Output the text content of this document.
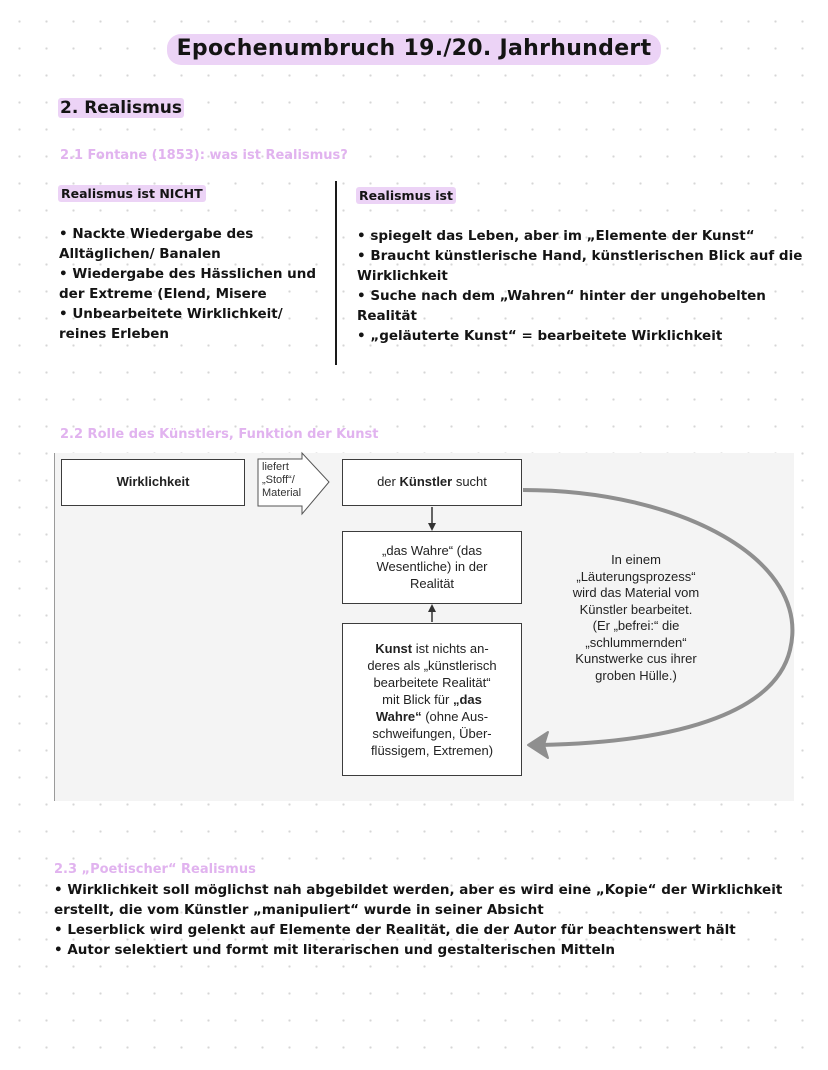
Epochenumbruch 19./20. Jahrhundert
2. Realismus
2.1 Fontane (1853): was ist Realismus?
Realismus ist NICHT	Realismus ist
• Nackte Wiedergabe des Alltäglichen/ Banalen
• Wiedergabe des Hässlichen und der Extreme (Elend, Misere
• Unbearbeitete Wirklichkeit/ reines Erleben
• spiegelt das Leben, aber im „Elemente der Kunst“
• Braucht künstlerische Hand, künstlerischen Blick auf die Wirklichkeit
• Suche nach dem „Wahren“ hinter der ungehobelten Realität
• „geläuterte Kunst“ = bearbeitete Wirklichkeit
2.2 Rolle des Künstlers, Funktion der Kunst
Wirklichkeit
liefert
„Stoff“/
Material
der Künstler sucht
„das Wahre“ (das
Wesentliche) in der
Realität
Kunst ist nichts an-
deres als „künstlerisch
bearbeitete Realität“
mit Blick für „das
Wahre“ (ohne Aus-
schweifungen, Über-
flüssigem, Extremen)
In einem
„Läuterungsprozess“
wird das Material vom
Künstler bearbeitet.
(Er „befrei:“ die
„schlummernden“
Kunstwerke cus ihrer
groben Hülle.)
2.3 „Poetischer“ Realismus
• Wirklichkeit soll möglichst nah abgebildet werden, aber es wird eine „Kopie“ der Wirklichkeit erstellt, die vom Künstler „manipuliert“ wurde in seiner Absicht
• Leserblick wird gelenkt auf Elemente der Realität, die der Autor für beachtenswert hält
• Autor selektiert und formt mit literarischen und gestalterischen Mitteln
